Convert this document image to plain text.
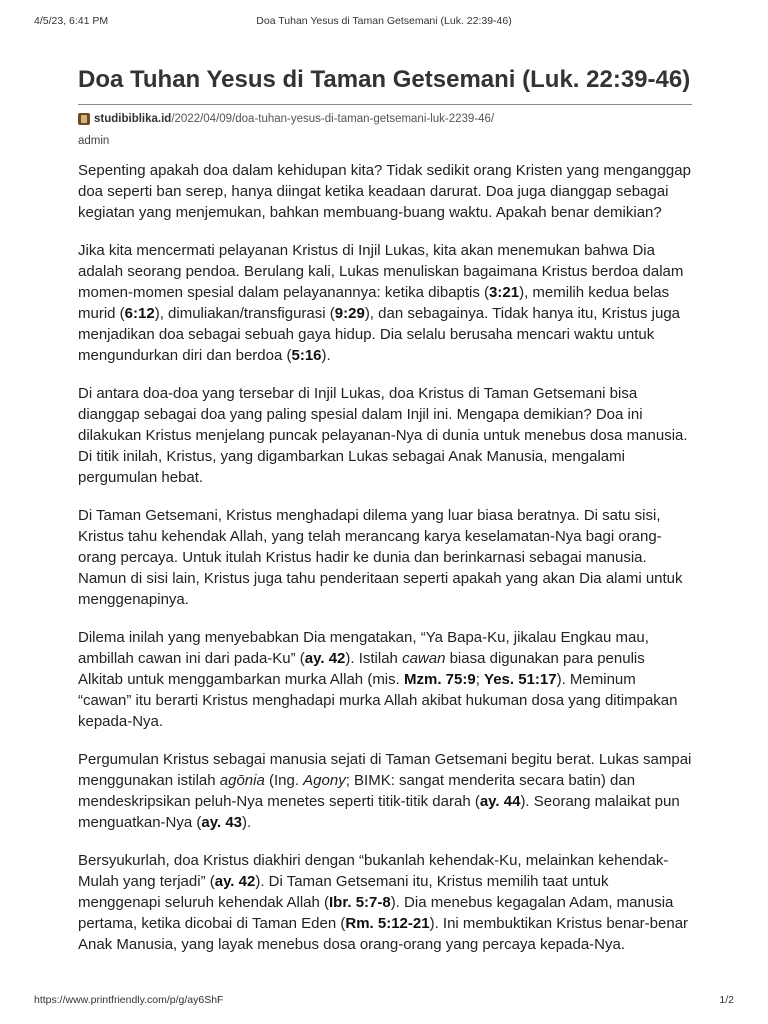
4/5/23, 6:41 PM	Doa Tuhan Yesus di Taman Getsemani (Luk. 22:39-46)
Doa Tuhan Yesus di Taman Getsemani (Luk. 22:39-46)
studibiblika.id /2022/04/09/doa-tuhan-yesus-di-taman-getsemani-luk-2239-46/
admin

Sepenting apakah doa dalam kehidupan kita? Tidak sedikit orang Kristen yang menganggap doa seperti ban serep, hanya diingat ketika keadaan darurat. Doa juga dianggap sebagai kegiatan yang menjemukan, bahkan membuang-buang waktu. Apakah benar demikian?

Jika kita mencermati pelayanan Kristus di Injil Lukas, kita akan menemukan bahwa Dia adalah seorang pendoa. Berulang kali, Lukas menuliskan bagaimana Kristus berdoa dalam momen-momen spesial dalam pelayanannya: ketika dibaptis (3:21), memilih kedua belas murid (6:12), dimuliakan/transfigurasi (9:29), dan sebagainya. Tidak hanya itu, Kristus juga menjadikan doa sebagai sebuah gaya hidup. Dia selalu berusaha mencari waktu untuk mengundurkan diri dan berdoa (5:16).

Di antara doa-doa yang tersebar di Injil Lukas, doa Kristus di Taman Getsemani bisa dianggap sebagai doa yang paling spesial dalam Injil ini. Mengapa demikian? Doa ini dilakukan Kristus menjelang puncak pelayanan-Nya di dunia untuk menebus dosa manusia. Di titik inilah, Kristus, yang digambarkan Lukas sebagai Anak Manusia, mengalami pergumulan hebat.

Di Taman Getsemani, Kristus menghadapi dilema yang luar biasa beratnya. Di satu sisi, Kristus tahu kehendak Allah, yang telah merancang karya keselamatan-Nya bagi orang-orang percaya. Untuk itulah Kristus hadir ke dunia dan berinkarnasi sebagai manusia. Namun di sisi lain, Kristus juga tahu penderitaan seperti apakah yang akan Dia alami untuk menggenapinya.

Dilema inilah yang menyebabkan Dia mengatakan, “Ya Bapa-Ku, jikalau Engkau mau, ambillah cawan ini dari pada-Ku” (ay. 42). Istilah cawan biasa digunakan para penulis Alkitab untuk menggambarkan murka Allah (mis. Mzm. 75:9; Yes. 51:17). Meminum “cawan” itu berarti Kristus menghadapi murka Allah akibat hukuman dosa yang ditimpakan kepada-Nya.

Pergumulan Kristus sebagai manusia sejati di Taman Getsemani begitu berat. Lukas sampai menggunakan istilah agōnia (Ing. Agony; BIMK: sangat menderita secara batin) dan mendeskripsikan peluh-Nya menetes seperti titik-titik darah (ay. 44). Seorang malaikat pun menguatkan-Nya (ay. 43).

Bersyukurlah, doa Kristus diakhiri dengan “bukanlah kehendak-Ku, melainkan kehendak-Mulah yang terjadi” (ay. 42). Di Taman Getsemani itu, Kristus memilih taat untuk menggenapi seluruh kehendak Allah (Ibr. 5:7-8). Dia menebus kegagalan Adam, manusia pertama, ketika dicobai di Taman Eden (Rm. 5:12-21). Ini membuktikan Kristus benar-benar Anak Manusia, yang layak menebus dosa orang-orang yang percaya kepada-Nya.

https://www.printfriendly.com/p/g/ay6ShF	1/2
